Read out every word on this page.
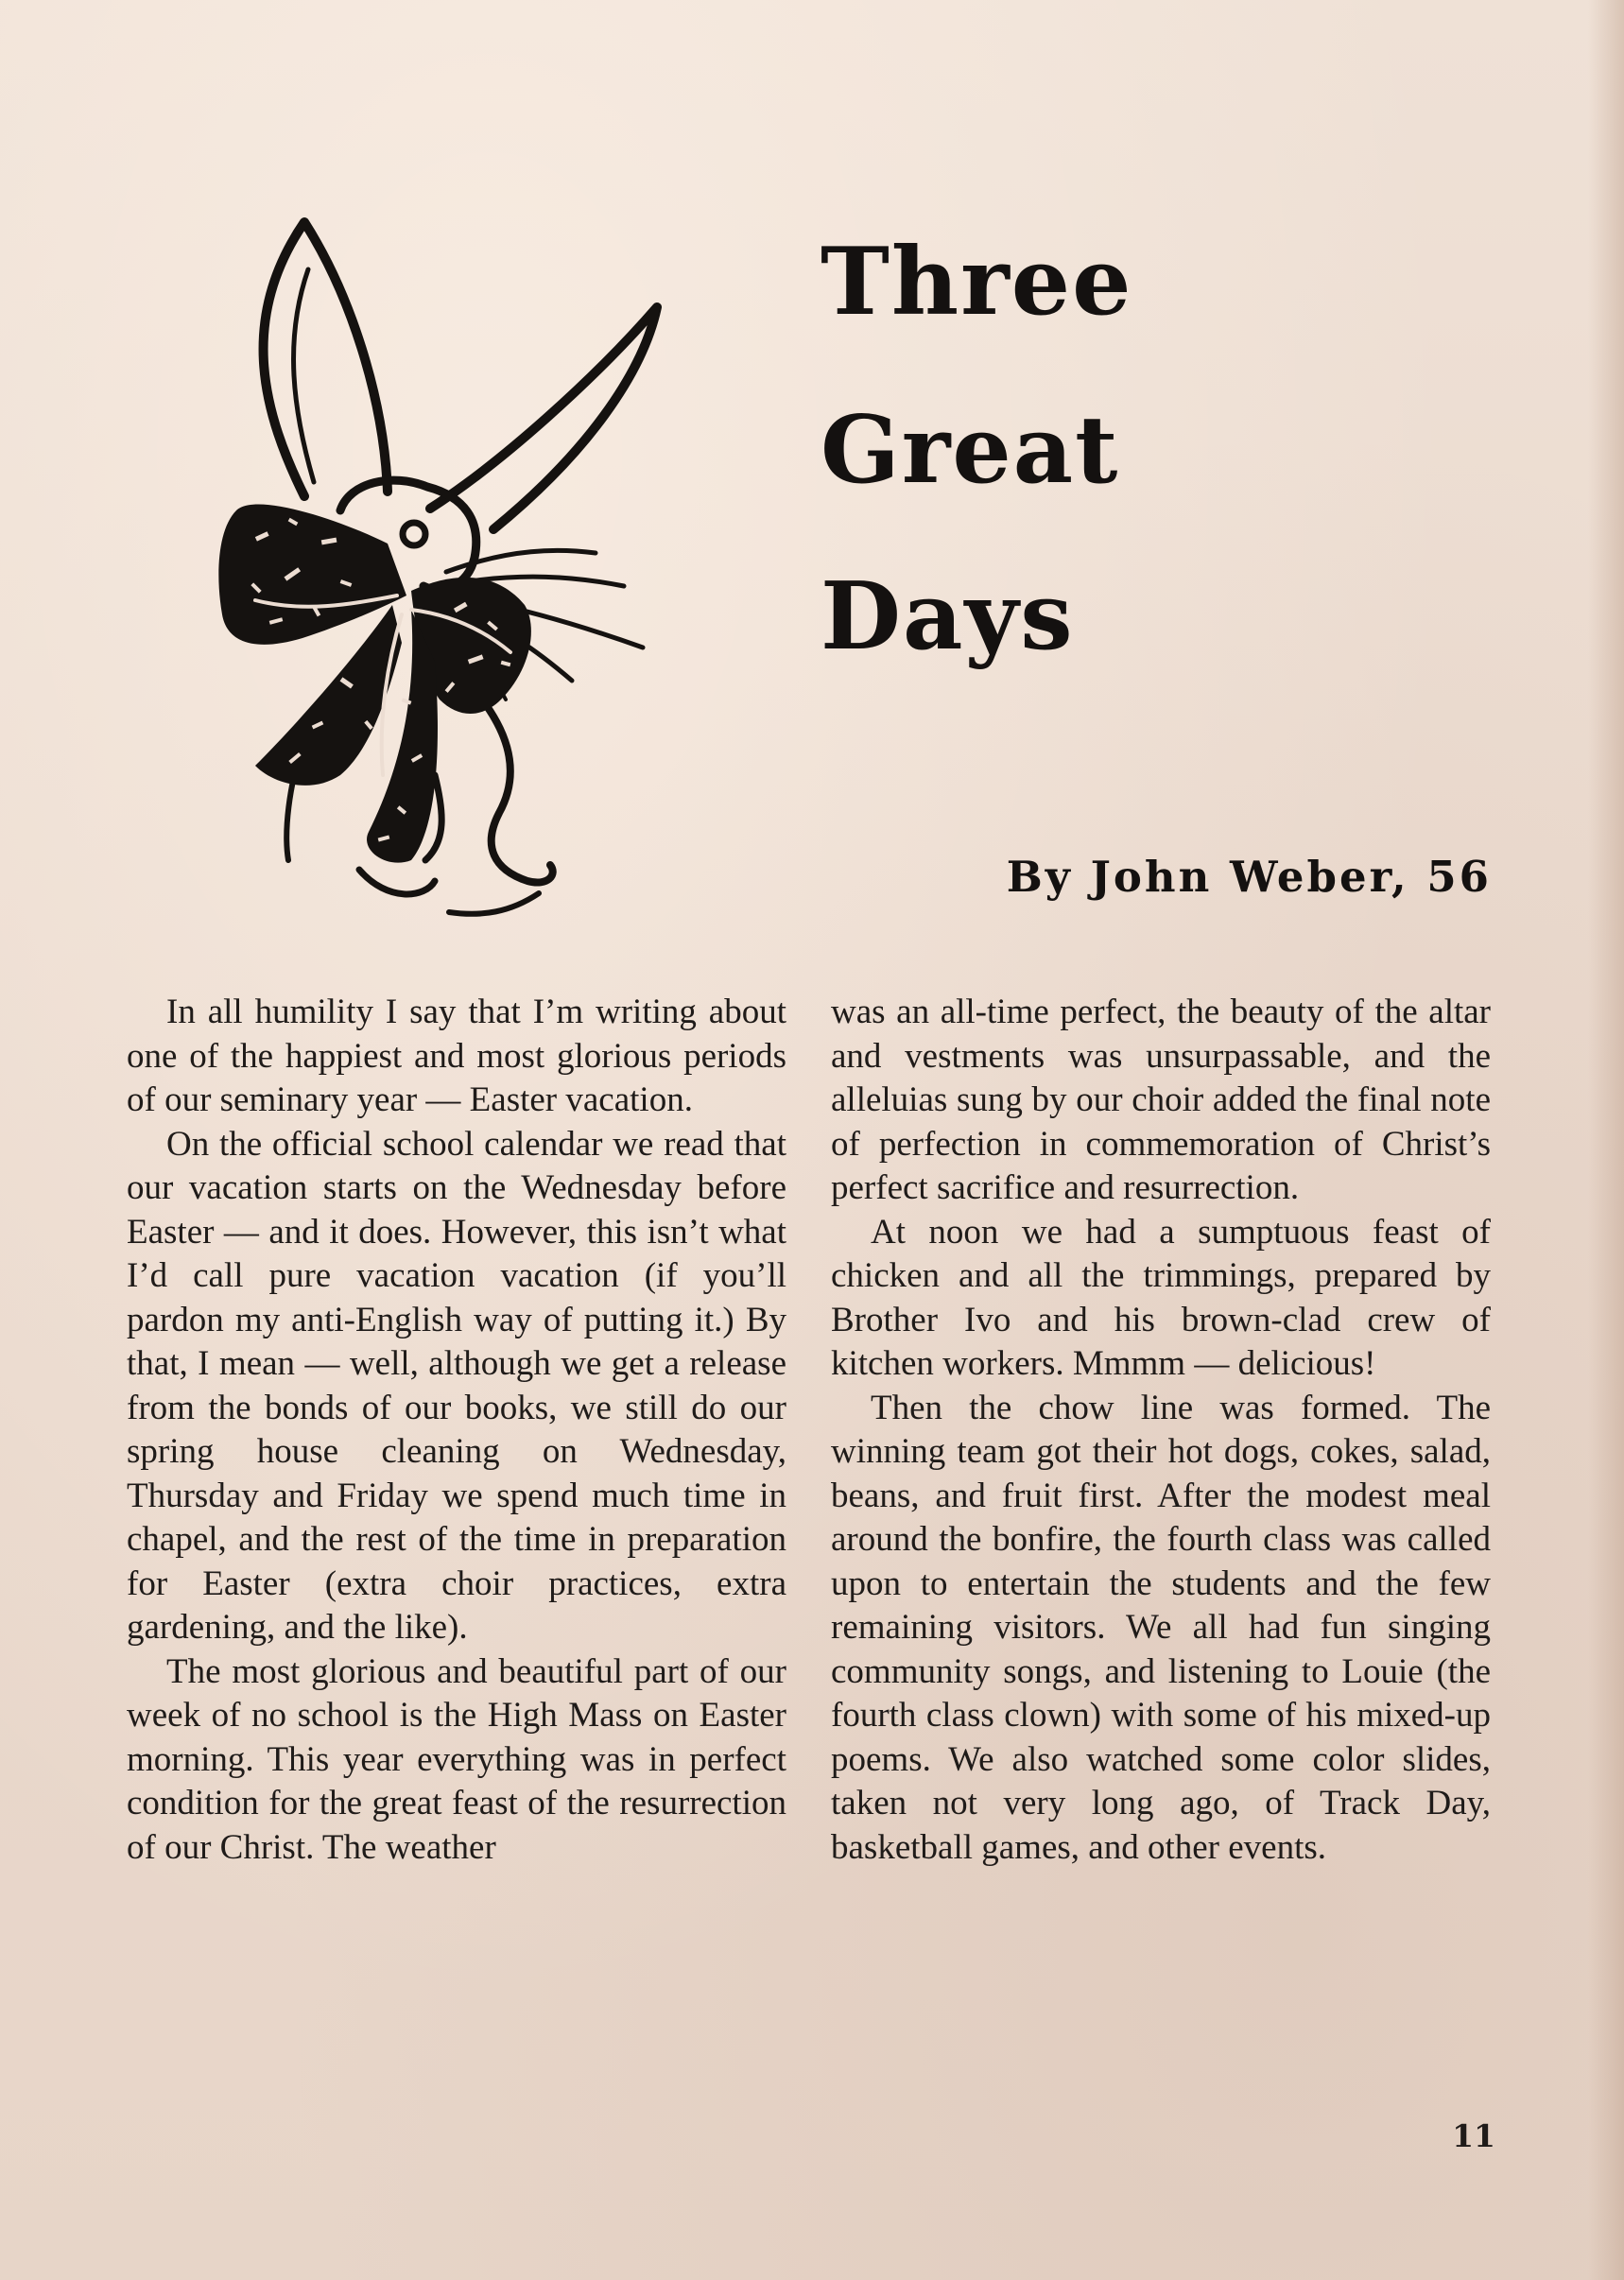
Three
Great
Days
By John Weber, 56

In all humility I say that I’m writing about one of the happiest and most glorious periods of our seminary year — Easter vacation.

On the official school calendar we read that our vacation starts on the Wednesday before Easter — and it does. However, this isn’t what I’d call pure vacation vacation (if you’ll pardon my anti-English way of putting it.) By that, I mean — well, although we get a release from the bonds of our books, we still do our spring house cleaning on Wednesday, Thursday and Friday we spend much time in chapel, and the rest of the time in preparation for Easter (extra choir practices, extra gardening, and the like).

The most glorious and beautiful part of our week of no school is the High Mass on Easter morning. This year everything was in perfect condition for the great feast of the resurrection of our Christ. The weather

was an all-time perfect, the beauty of the altar and vestments was unsurpassable, and the alleluias sung by our choir added the final note of perfection in commemoration of Christ’s perfect sacrifice and resurrection.

At noon we had a sumptuous feast of chicken and all the trimmings, prepared by Brother Ivo and his brown-clad crew of kitchen workers. Mmmm — delicious!

Then the chow line was formed. The winning team got their hot dogs, cokes, salad, beans, and fruit first. After the modest meal around the bonfire, the fourth class was called upon to entertain the students and the few remaining visitors. We all had fun singing community songs, and listening to Louie (the fourth class clown) with some of his mixed-up poems. We also watched some color slides, taken not very long ago, of Track Day, basketball games, and other events.

11
